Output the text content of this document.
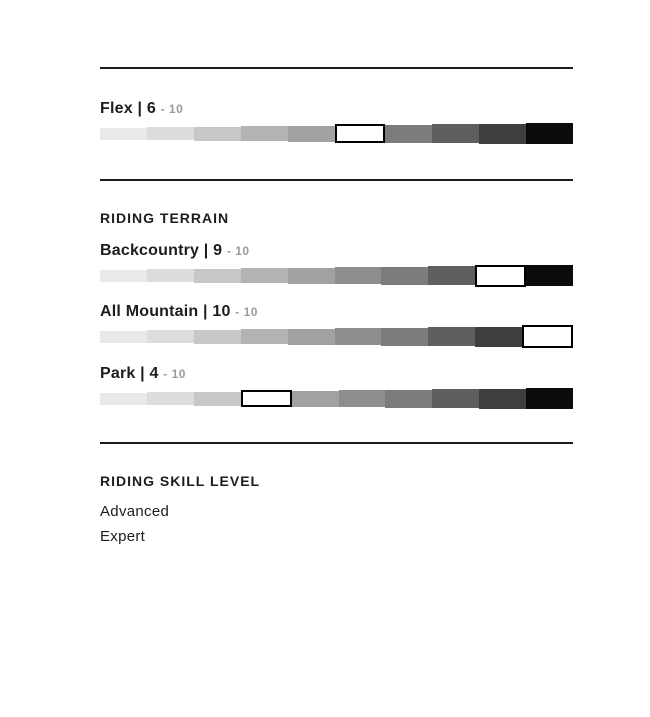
Flex | 6 - 10
RIDING TERRAIN
Backcountry | 9 - 10
All Mountain | 10 - 10
Park | 4 - 10
RIDING SKILL LEVEL
Advanced
Expert
